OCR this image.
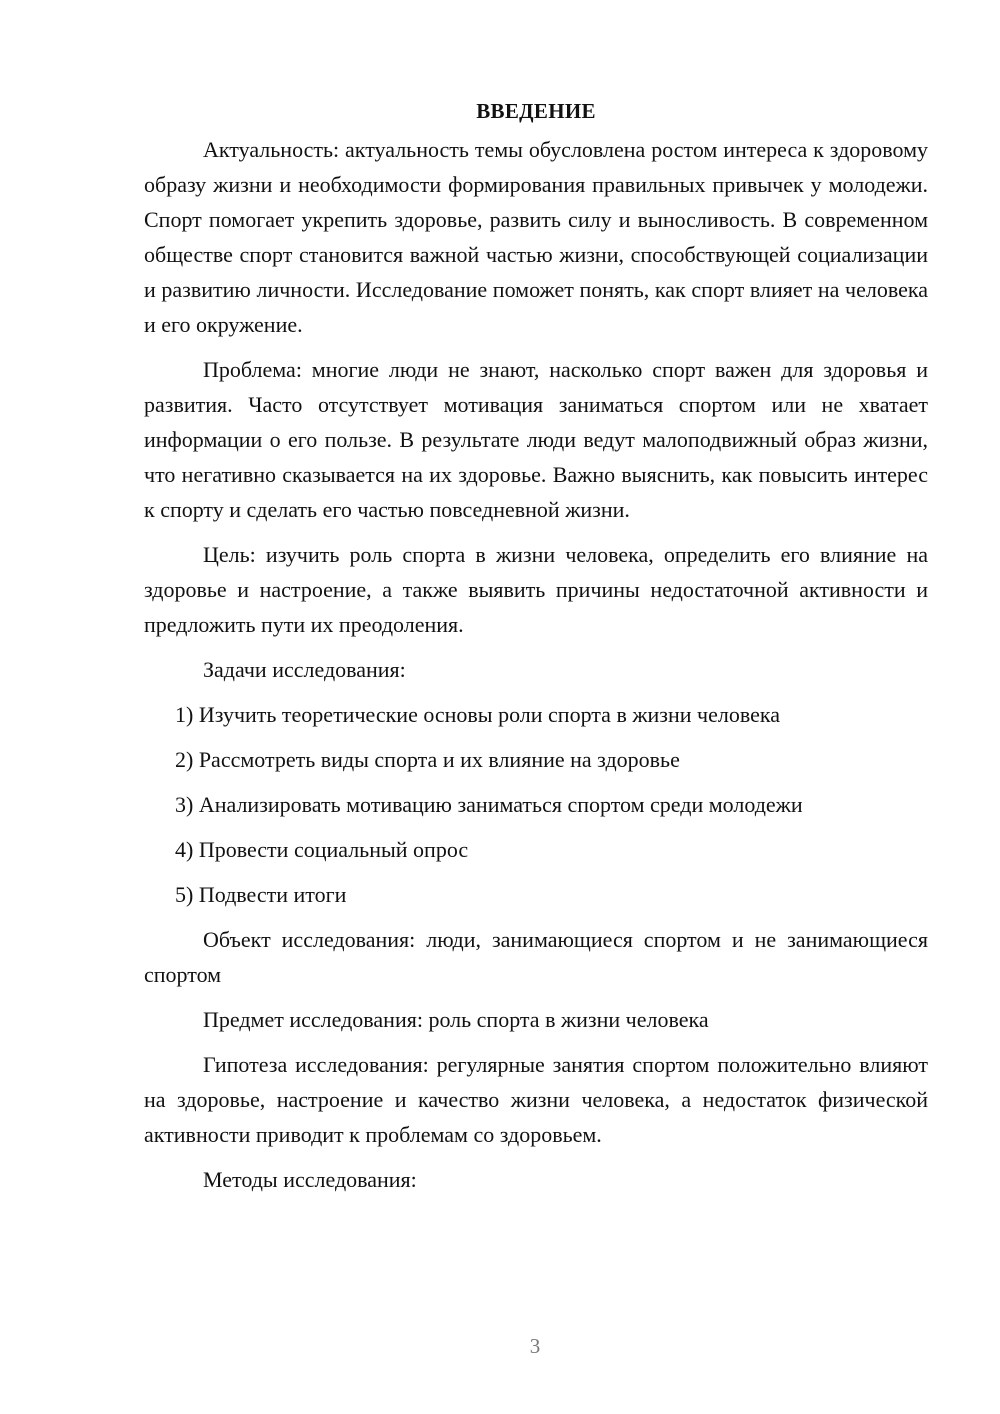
ВВЕДЕНИЕ

Актуальность: актуальность темы обусловлена ростом интереса к здоровому образу жизни и необходимости формирования правильных привычек у молодежи. Спорт помогает укрепить здоровье, развить силу и выносливость. В современном обществе спорт становится важной частью жизни, способствующей социализации и развитию личности. Исследование поможет понять, как спорт влияет на человека и его окружение.

Проблема: многие люди не знают, насколько спорт важен для здоровья и развития. Часто отсутствует мотивация заниматься спортом или не хватает информации о его пользе. В результате люди ведут малоподвижный образ жизни, что негативно сказывается на их здоровье. Важно выяснить, как повысить интерес к спорту и сделать его частью повседневной жизни.

Цель: изучить роль спорта в жизни человека, определить его влияние на здоровье и настроение, а также выявить причины недостаточной активности и предложить пути их преодоления.

Задачи исследования:

1) Изучить теоретические основы роли спорта в жизни человека
2) Рассмотреть виды спорта и их влияние на здоровье
3) Анализировать мотивацию заниматься спортом среди молодежи
4) Провести социальный опрос
5) Подвести итоги

Объект исследования: люди, занимающиеся спортом и не занимающиеся спортом

Предмет исследования: роль спорта в жизни человека

Гипотеза исследования: регулярные занятия спортом положительно влияют на здоровье, настроение и качество жизни человека, а недостаток физической активности приводит к проблемам со здоровьем.

Методы исследования:

3
